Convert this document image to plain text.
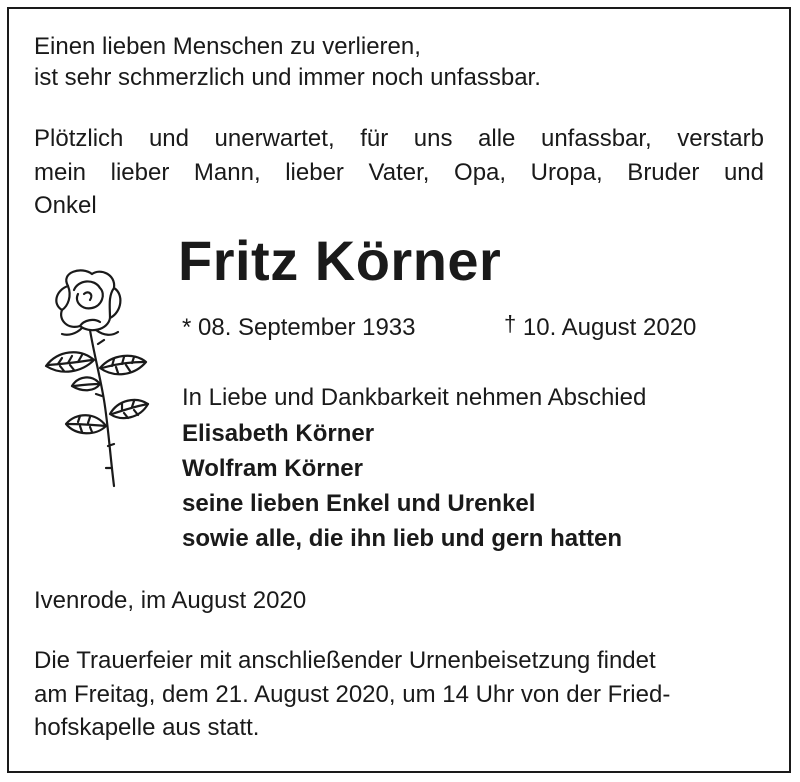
Einen lieben Menschen zu verlieren,
ist sehr schmerzlich und immer noch unfassbar.
Plötzlich und unerwartet, für uns alle unfassbar, verstarb
mein lieber Mann, lieber Vater, Opa, Uropa, Bruder und
Onkel
Fritz Körner
* 08. September 1933	† 10. August 2020
In Liebe und Dankbarkeit nehmen Abschied
Elisabeth Körner
Wolfram Körner
seine lieben Enkel und Urenkel
sowie alle, die ihn lieb und gern hatten
Ivenrode, im August 2020
Die Trauerfeier mit anschließender Urnenbeisetzung findet
am Freitag, dem 21. August 2020, um 14 Uhr von der Fried-
hofskapelle aus statt.
